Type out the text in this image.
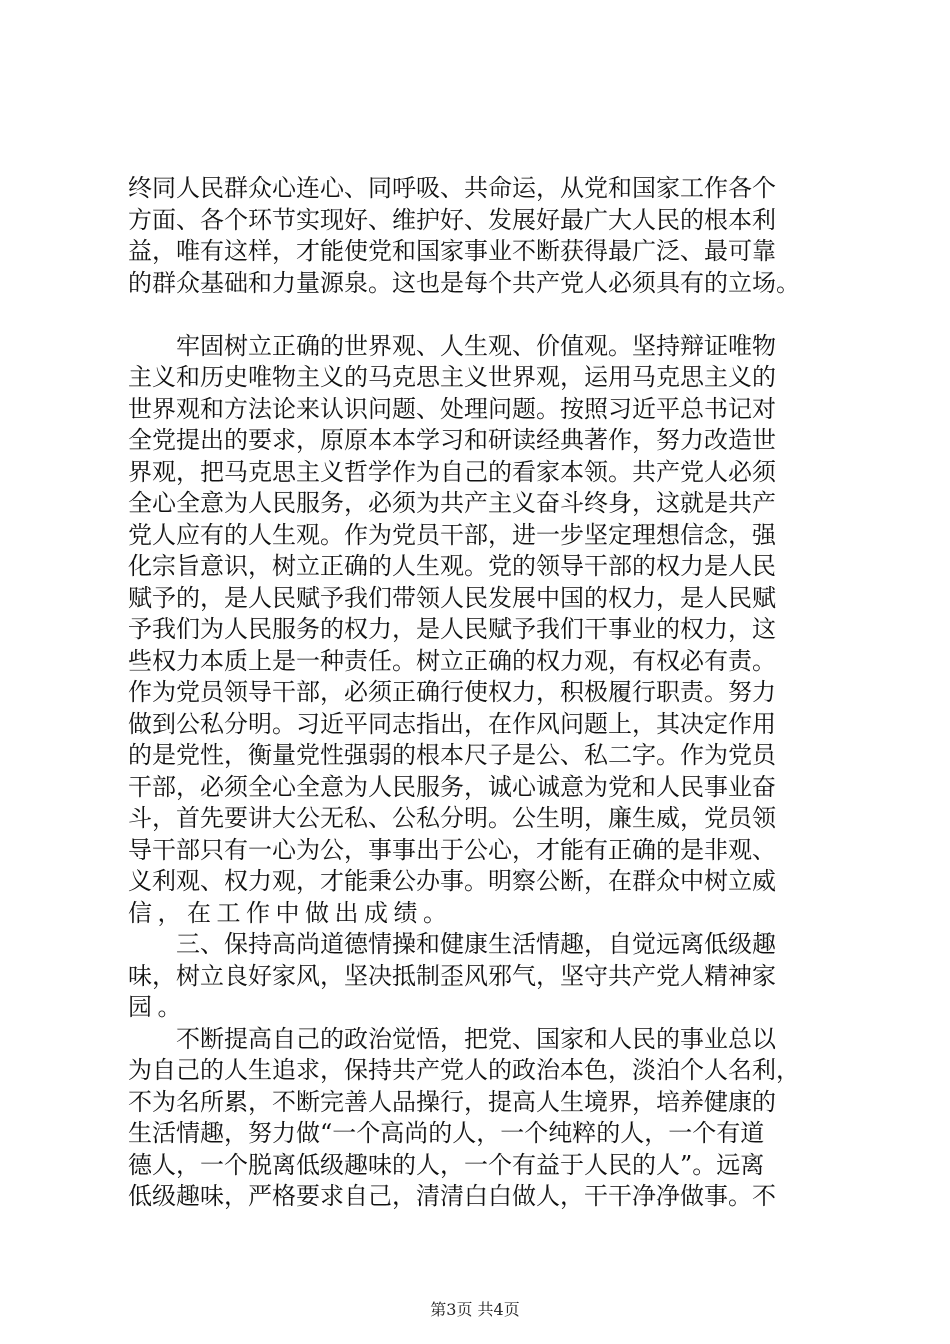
终同人民群众心连心、同呼吸、共命运，从党和国家工作各个
方面、各个环节实现好、维护好、发展好最广大人民的根本利
益，唯有这样，才能使党和国家事业不断获得最广泛、最可靠
的群众基础和力量源泉。这也是每个共产党人必须具有的立场。
　　牢固树立正确的世界观、人生观、价值观。坚持辩证唯物
主义和历史唯物主义的马克思主义世界观，运用马克思主义的
世界观和方法论来认识问题、处理问题。按照习近平总书记对
全党提出的要求，原原本本学习和研读经典著作，努力改造世
界观，把马克思主义哲学作为自己的看家本领。共产党人必须
全心全意为人民服务，必须为共产主义奋斗终身，这就是共产
党人应有的人生观。作为党员干部，进一步坚定理想信念，强
化宗旨意识，树立正确的人生观。党的领导干部的权力是人民
赋予的，是人民赋予我们带领人民发展中国的权力，是人民赋
予我们为人民服务的权力，是人民赋予我们干事业的权力，这
些权力本质上是一种责任。树立正确的权力观，有权必有责。
作为党员领导干部，必须正确行使权力，积极履行职责。努力
做到公私分明。习近平同志指出，在作风问题上，其决定作用
的是党性，衡量党性强弱的根本尺子是公、私二字。作为党员
干部，必须全心全意为人民服务，诚心诚意为党和人民事业奋
斗，首先要讲大公无私、公私分明。公生明，廉生威，党员领
导干部只有一心为公，事事出于公心，才能有正确的是非观、
义利观、权力观，才能秉公办事。明察公断，在群众中树立威
信，在工作中做出成绩。
　　三、保持高尚道德情操和健康生活情趣，自觉远离低级趣
味，树立良好家风，坚决抵制歪风邪气，坚守共产党人精神家
园。
　　不断提高自己的政治觉悟，把党、国家和人民的事业总以
为自己的人生追求，保持共产党人的政治本色，淡泊个人名利，
不为名所累，不断完善人品操行，提高人生境界，培养健康的
生活情趣，努力做“一个高尚的人，一个纯粹的人，一个有道
德人，一个脱离低级趣味的人，一个有益于人民的人”。远离
低级趣味，严格要求自己，清清白白做人，干干净净做事。不
第3页 共4页
